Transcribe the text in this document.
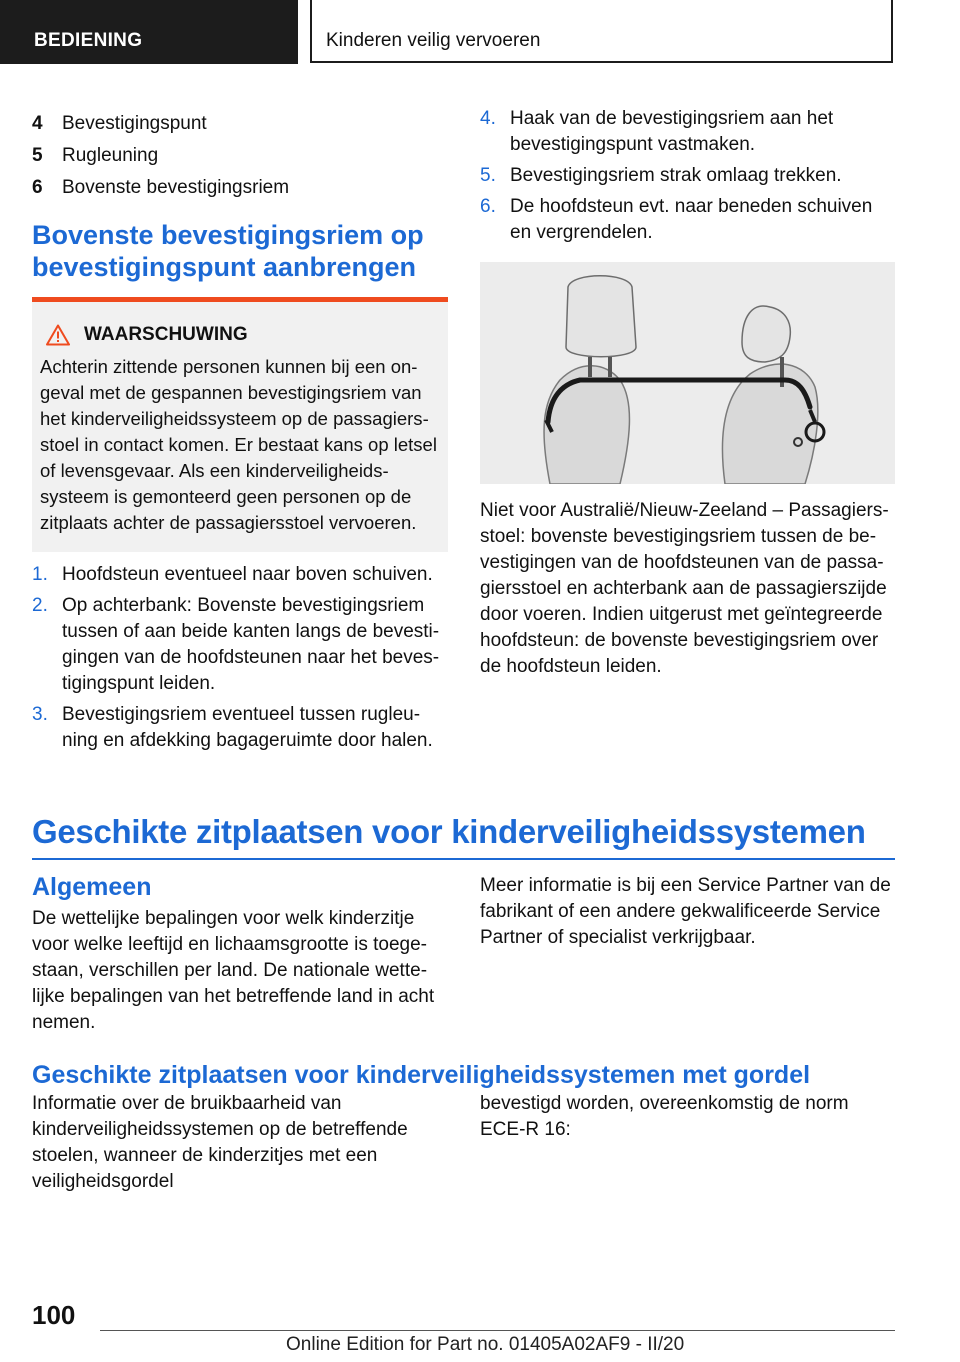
BEDIENING	Kinderen veilig vervoeren
4	Bevestigingspunt
5	Rugleuning
6	Bovenste bevestigingsriem
Bovenste bevestigingsriem op bevestigingspunt aanbrengen
WAARSCHUWING
Achterin zittende personen kunnen bij een ongeval met de gespannen bevestigingsriem van het kinderveiligheidssysteem op de passagiersstoel in contact komen. Er bestaat kans op letsel of levensgevaar. Als een kinderveiligheidssysteem is gemonteerd geen personen op de zitplaats achter de passagiersstoel vervoeren.
1. Hoofdsteun eventueel naar boven schuiven.
2. Op achterbank: Bovenste bevestigingsriem tussen of aan beide kanten langs de bevestigingen van de hoofdsteunen naar het bevestigingspunt leiden.
3. Bevestigingsriem eventueel tussen rugleuning en afdekking bagageruimte door halen.
4. Haak van de bevestigingsriem aan het bevestigingspunt vastmaken.
5. Bevestigingsriem strak omlaag trekken.
6. De hoofdsteun evt. naar beneden schuiven en vergrendelen.
Niet voor Australië/Nieuw-Zeeland – Passagiersstoel: bovenste bevestigingsriem tussen de bevestigingen van de hoofdsteunen van de passagiersstoel en achterbank aan de passagierszijde door voeren. Indien uitgerust met geïntegreerde hoofdsteun: de bovenste bevestigingsriem over de hoofdsteun leiden.
Geschikte zitplaatsen voor kinderveiligheidssystemen
Algemeen
De wettelijke bepalingen voor welk kinderzitje voor welke leeftijd en lichaamsgrootte is toegestaan, verschillen per land. De nationale wettelijke bepalingen van het betreffende land in acht nemen.
Meer informatie is bij een Service Partner van de fabrikant of een andere gekwalificeerde Service Partner of specialist verkrijgbaar.
Geschikte zitplaatsen voor kinderveiligheidssystemen met gordel
Informatie over de bruikbaarheid van kinderveiligheidssystemen op de betreffende stoelen, wanneer de kinderzitjes met een veiligheidsgordel
bevestigd worden, overeenkomstig de norm ECE-R 16:
100
Online Edition for Part no. 01405A02AF9 - II/20
